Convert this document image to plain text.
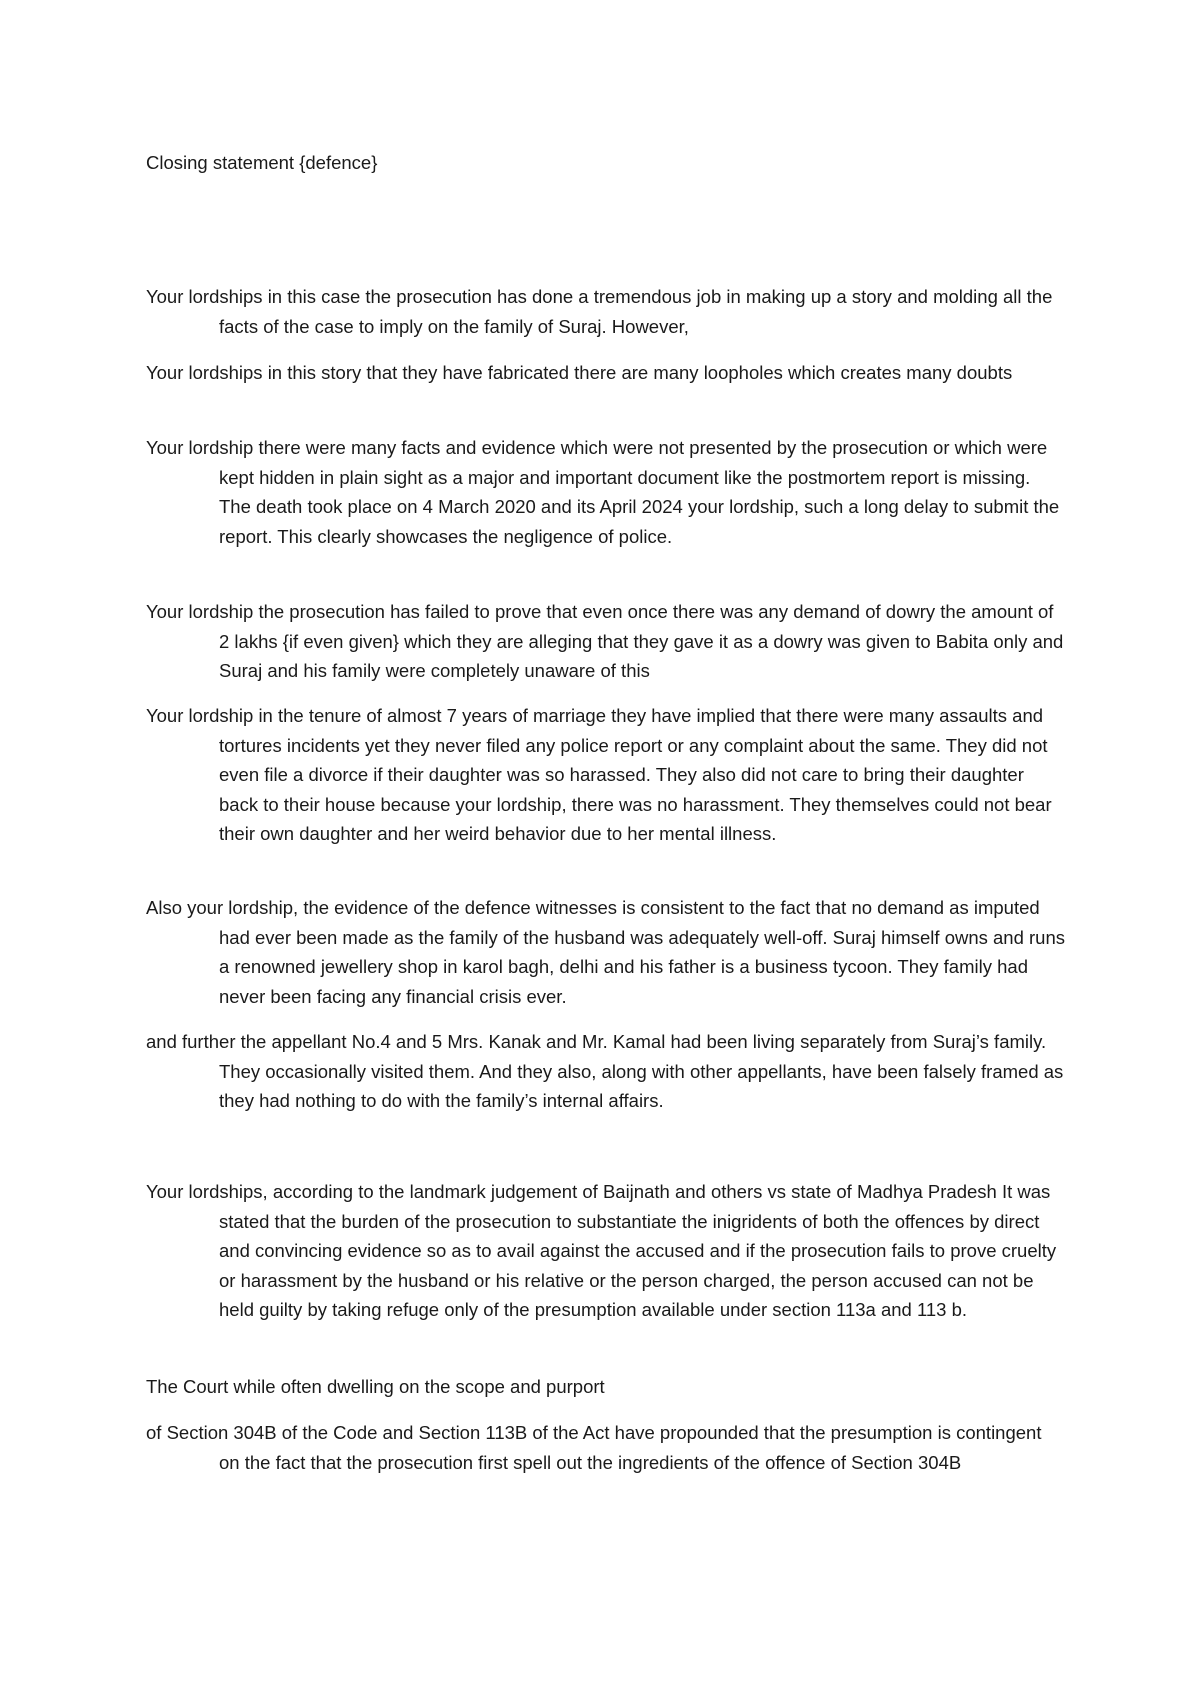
Closing statement {defence}

Your lordships in this case the prosecution has done a tremendous job in making up a story and molding all the facts of the case to imply on the family of Suraj. However,

Your lordships in this story that they have fabricated there are many loopholes which creates many doubts

Your lordship there were many facts and evidence which were not presented by the prosecution or which were kept hidden in plain sight as a major and important document like the postmortem report is missing. The death took place on 4 March 2020 and its April 2024 your lordship, such a long delay to submit the report. This clearly showcases the negligence of police.

Your lordship the prosecution has failed to prove that even once there was any demand of dowry the amount of 2 lakhs {if even given} which they are alleging that they gave it as a dowry was given to Babita only and Suraj and his family were completely unaware of this

Your lordship in the tenure of almost 7 years of marriage they have implied that there were many assaults and tortures incidents yet they never filed any police report or any complaint about the same. They did not even file a divorce if their daughter was so harassed. They also did not care to bring their daughter back to their house because your lordship, there was no harassment. They themselves could not bear their own daughter and her weird behavior due to her mental illness.

Also your lordship, the evidence of the defence witnesses is consistent to the fact that no demand as imputed had ever been made as the family of the husband was adequately well-off. Suraj himself owns and runs a renowned jewellery shop in karol bagh, delhi and his father is a business tycoon. They family had never been facing any financial crisis ever.

and further the appellant No.4 and 5 Mrs. Kanak and Mr. Kamal had been living separately from Suraj’s family. They occasionally visited them. And they also, along with other appellants, have been falsely framed as they had nothing to do with the family’s internal affairs.

Your lordships, according to the landmark judgement of Baijnath and others vs state of Madhya Pradesh It was stated that the burden of the prosecution to substantiate the inigridents of both the offences by direct and convincing evidence so as to avail against the accused and if the prosecution fails to prove cruelty or harassment by the husband or his relative or the person charged, the person accused can not be held guilty by taking refuge only of the presumption available under section 113a and 113 b.

The Court while often dwelling on the scope and purport

of Section 304B of the Code and Section 113B of the Act have propounded that the presumption is contingent on the fact that the prosecution first spell out the ingredients of the offence of Section 304B
